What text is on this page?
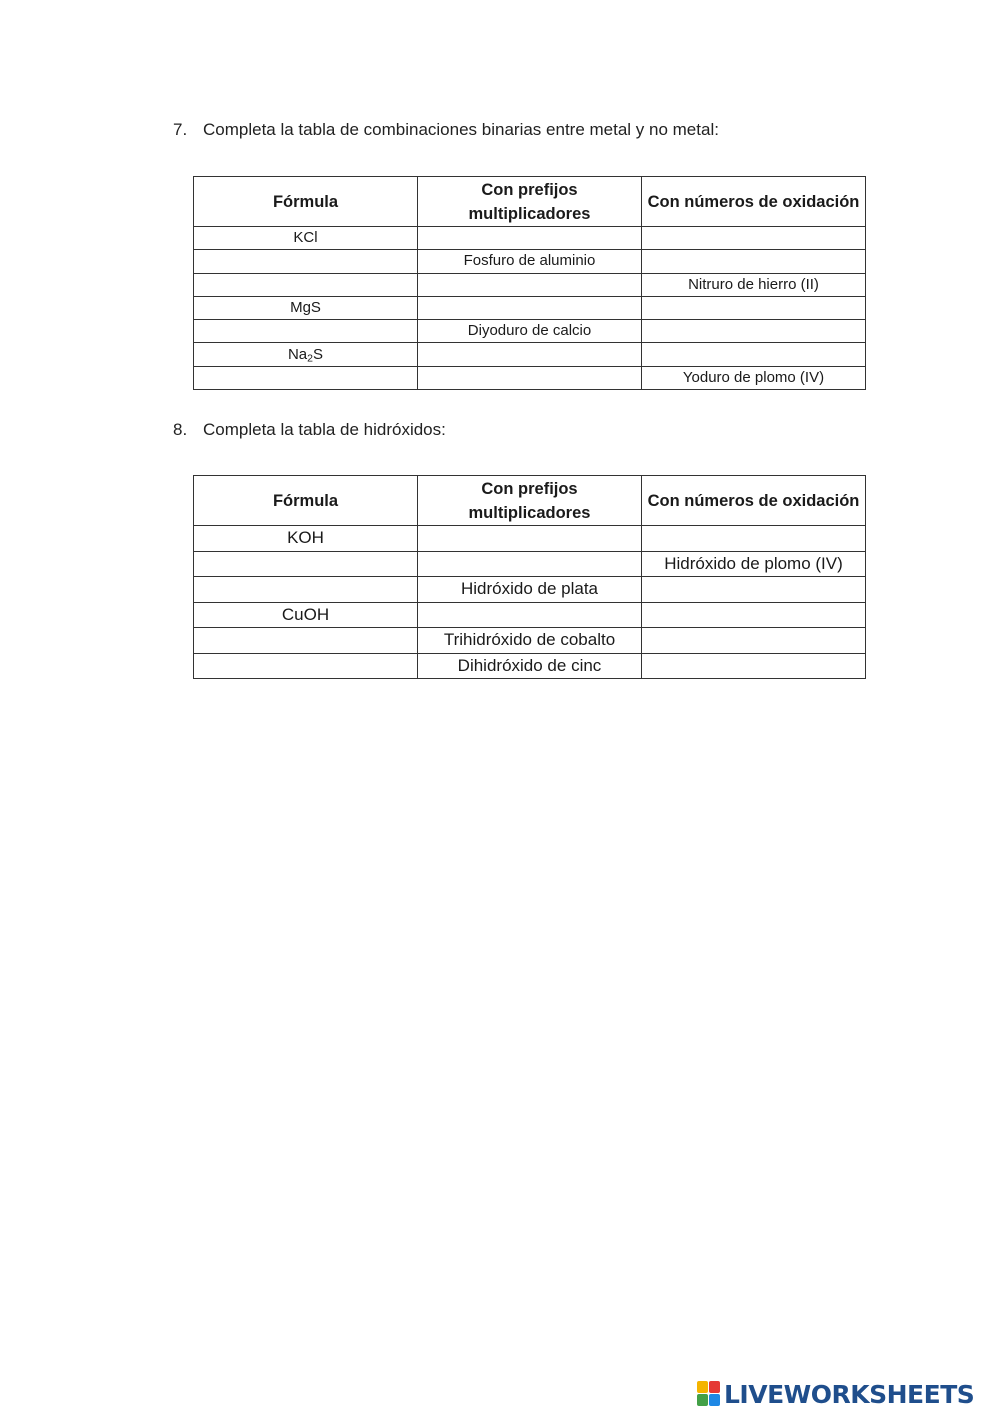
7. Completa la tabla de combinaciones binarias entre metal y no metal:
Fórmula	Con prefijos multiplicadores	Con números de oxidación
KCl		
	Fosfuro de aluminio	
		Nitruro de hierro (II)
MgS		
	Diyoduro de calcio	
$Na_2S$		
		Yoduro de plomo (IV)
8. Completa la tabla de hidróxidos:
Fórmula	Con prefijos multiplicadores	Con números de oxidación
KOH		
		Hidróxido de plomo (IV)
	Hidróxido de plata	
CuOH		
	Trihidróxido de cobalto	
	Dihidróxido de cinc	
LIVEWORKSHEETS
